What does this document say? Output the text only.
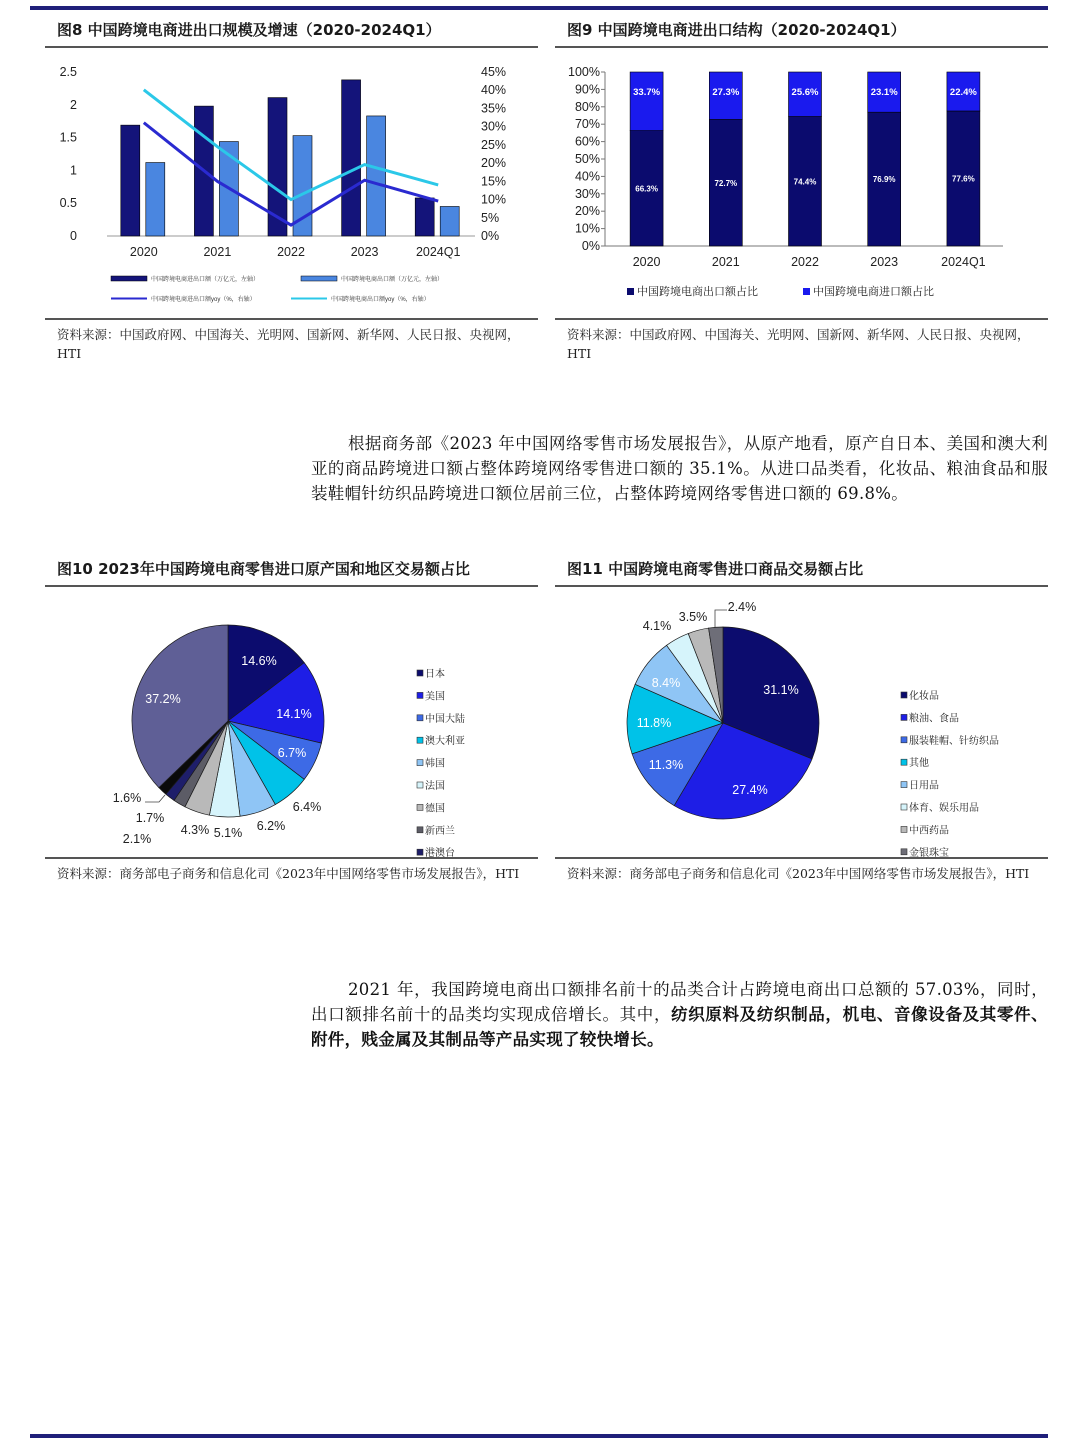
图8 中国跨境电商进出口规模及增速（2020-2024Q1）
0
0.5
1
1.5
2
2.5
0%
5%
10%
15%
20%
25%
30%
35%
40%
45%
2020	2021	2022	2023	2024Q1
中国跨境电商进出口额（万亿元，左轴）	中国跨境电商出口额（万亿元，左轴）
中国跨境电商进出口额yoy（%，右轴）	中国跨境电商出口额yoy（%，右轴）
资料来源：中国政府网、中国海关、光明网、国新网、新华网、人民日报、央视网，HTI
图9 中国跨境电商进出口结构（2020-2024Q1）
0%
10%
20%
30%
40%
50%
60%
70%
80%
90%
100%
66.3%
33.7%
2020
72.7%
27.3%
2021
74.4%
25.6%
2022
76.9%
23.1%
2023
77.6%
22.4%
2024Q1
中国跨境电商出口额占比	中国跨境电商进口额占比
资料来源：中国政府网、中国海关、光明网、国新网、新华网、人民日报、央视网，HTI
根据商务部《2023 年中国网络零售市场发展报告》，从原产地看，原产自日本、美国和澳大利亚的商品跨境进口额占整体跨境网络零售进口额的 35.1%。从进口品类看，化妆品、粮油食品和服装鞋帽针纺织品跨境进口额位居前三位，占整体跨境网络零售进口额的 69.8%。
图10 2023年中国跨境电商零售进口原产国和地区交易额占比
14.6%
14.1%
6.7%
6.4%
6.2%
5.1%
4.3%
2.1%
1.7%
1.6%
37.2%
日本
美国
中国大陆
澳大利亚
韩国
法国
德国
新西兰
港澳台
资料来源：商务部电子商务和信息化司《2023年中国网络零售市场发展报告》，HTI
图11 中国跨境电商零售进口商品交易额占比
31.1%
27.4%
11.3%
11.8%
8.4%
4.1%
3.5%
2.4%
化妆品
粮油、食品
服装鞋帽、针纺织品
其他
日用品
体育、娱乐用品
中西药品
金银珠宝
资料来源：商务部电子商务和信息化司《2023年中国网络零售市场发展报告》，HTI
2021 年，我国跨境电商出口额排名前十的品类合计占跨境电商出口总额的 57.03%，同时，出口额排名前十的品类均实现成倍增长。其中，纺织原料及纺织制品，机电、音像设备及其零件、附件，贱金属及其制品等产品实现了较快增长。
